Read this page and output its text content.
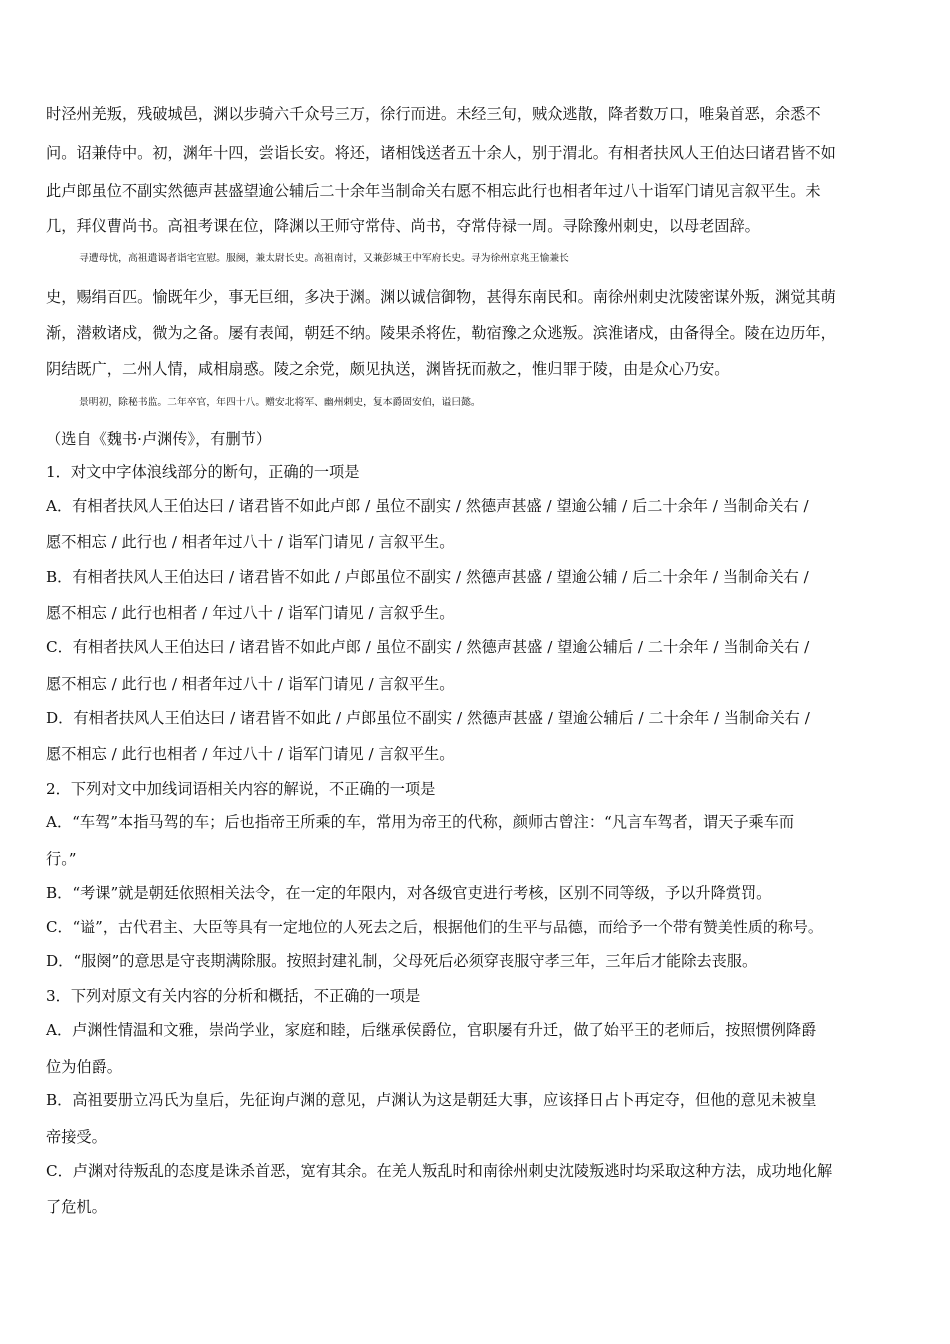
时泾州羌叛，残破城邑，渊以步骑六千众号三万，徐行而进。未经三旬，贼众逃散，降者数万口，唯枭首恶，余悉不
问。诏兼侍中。初，渊年十四，尝诣长安。将还，诸相饯送者五十余人，别于渭北。有相者扶风人王伯达曰诸君皆不如
此卢郎虽位不副实然德声甚盛望逾公辅后二十余年当制命关右愿不相忘此行也相者年过八十诣军门请见言叙平生。未
几，拜仪曹尚书。高祖考课在位，降渊以王师守常侍、尚书，夺常侍禄一周。寻除豫州刺史，以母老固辞。
寻遭母忧，高祖遣谒者诣宅宣慰。服阕，兼太尉长史。高祖南讨，又兼彭城王中军府长史。寻为徐州京兆王愉兼长
史，赐绢百匹。愉既年少，事无巨细，多决于渊。渊以诚信御物，甚得东南民和。南徐州刺史沈陵密谋外叛，渊觉其萌
渐，潜敕诸戍，微为之备。屡有表闻，朝廷不纳。陵果杀将佐，勒宿豫之众逃叛。滨淮诸戍，由备得全。陵在边历年，
阴结既广，二州人情，咸相扇惑。陵之余党，颇见执送，渊皆抚而赦之，惟归罪于陵，由是众心乃安。
景明初，除秘书监。二年卒官，年四十八。赠安北将军、幽州刺史，复本爵固安伯，谥曰懿。
（选自《魏书·卢渊传》，有删节）
1．对文中字体浪线部分的断句，正确的一项是
A．有相者扶风人王伯达曰 / 诸君皆不如此卢郎 / 虽位不副实 / 然德声甚盛 / 望逾公辅 / 后二十余年 / 当制命关右 /
愿不相忘 / 此行也 / 相者年过八十 / 诣军门请见 / 言叙平生。
B．有相者扶风人王伯达曰 / 诸君皆不如此 / 卢郎虽位不副实 / 然德声甚盛 / 望逾公辅 / 后二十余年 / 当制命关右 /
愿不相忘 / 此行也相者 / 年过八十 / 诣军门请见 / 言叙乎生。
C．有相者扶风人王伯达曰 / 诸君皆不如此卢郎 / 虽位不副实 / 然德声甚盛 / 望逾公辅后 / 二十余年 / 当制命关右 /
愿不相忘 / 此行也 / 相者年过八十 / 诣军门请见 / 言叙平生。
D．有相者扶风人王伯达曰 / 诸君皆不如此 / 卢郎虽位不副实 / 然德声甚盛 / 望逾公辅后 / 二十余年 / 当制命关右 /
愿不相忘 / 此行也相者 / 年过八十 / 诣军门请见 / 言叙平生。
2．下列对文中加线词语相关内容的解说，不正确的一项是
A．“车驾”本指马驾的车；后也指帝王所乘的车，常用为帝王的代称，颜师古曾注：“凡言车驾者，谓天子乘车而
行。”
B．“考课”就是朝廷依照相关法令，在一定的年限内，对各级官吏进行考核，区别不同等级，予以升降赏罚。
C．“谥”，古代君主、大臣等具有一定地位的人死去之后，根据他们的生平与品德，而给予一个带有赞美性质的称号。
D．“服阕”的意思是守丧期满除服。按照封建礼制，父母死后必须穿丧服守孝三年，三年后才能除去丧服。
3．下列对原文有关内容的分析和概括，不正确的一项是
A．卢渊性情温和文雅，崇尚学业，家庭和睦，后继承侯爵位，官职屡有升迁，做了始平王的老师后，按照惯例降爵
位为伯爵。
B．高祖要册立冯氏为皇后，先征询卢渊的意见，卢渊认为这是朝廷大事，应该择日占卜再定夺，但他的意见未被皇
帝接受。
C．卢渊对待叛乱的态度是诛杀首恶，宽宥其余。在羌人叛乱时和南徐州刺史沈陵叛逃时均采取这种方法，成功地化解
了危机。
